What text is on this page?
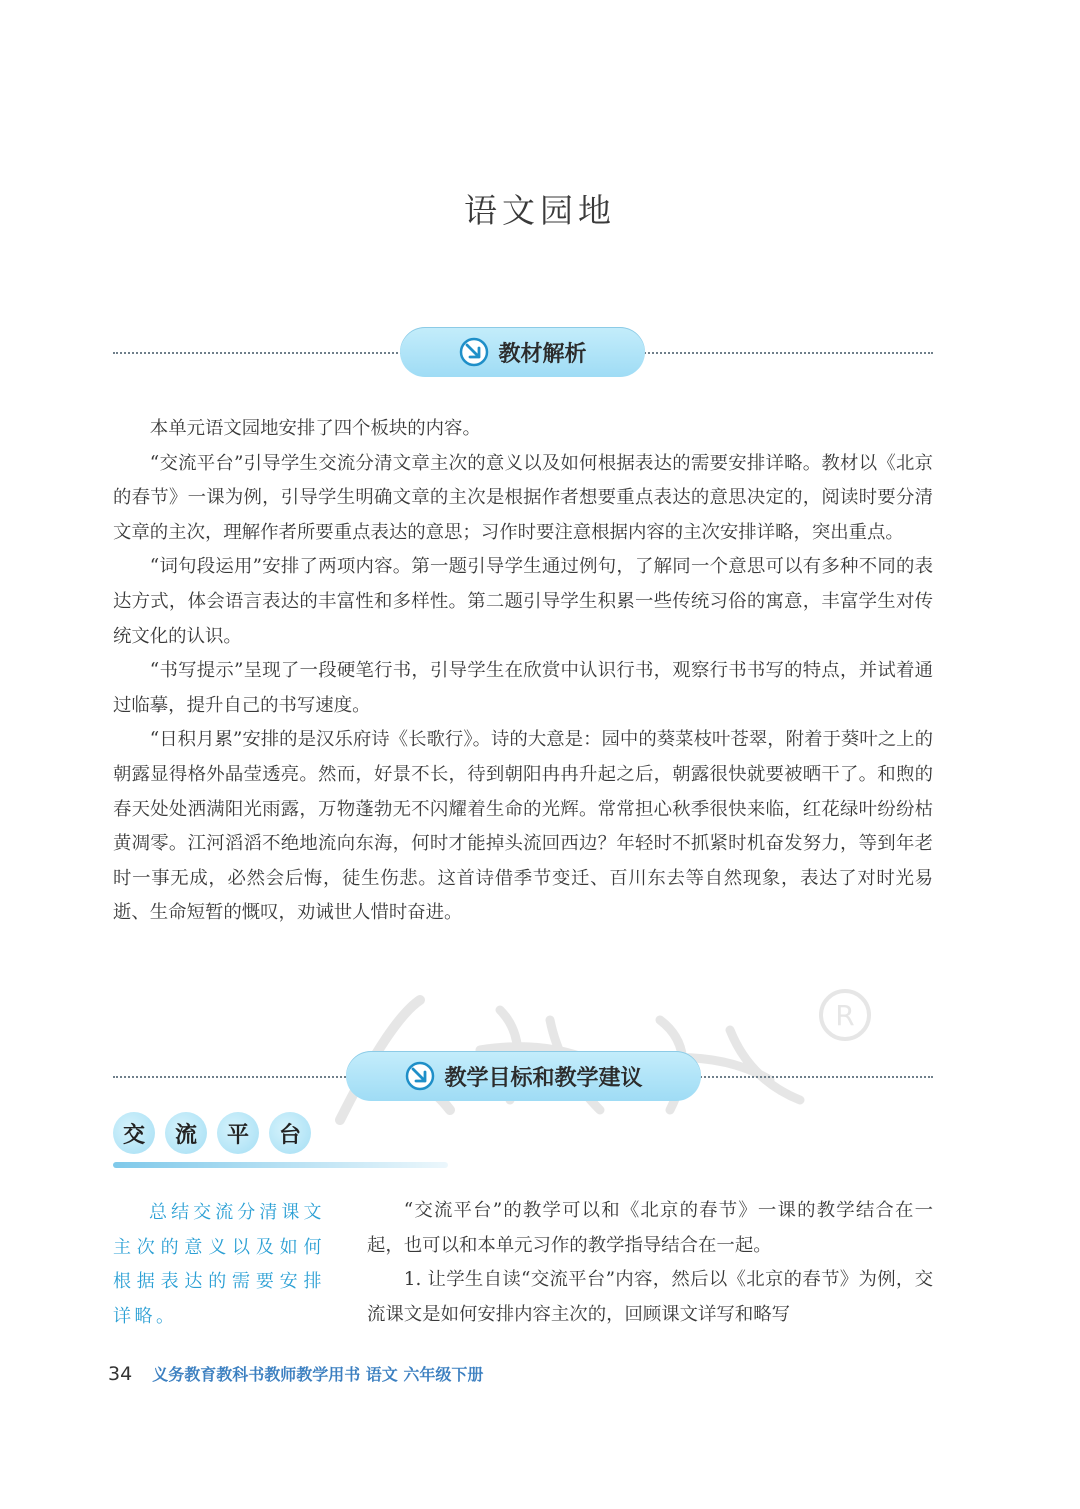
语文园地
教材解析

本单元语文园地安排了四个板块的内容。

“交流平台”引导学生交流分清文章主次的意义以及如何根据表达的需要安排详略。教材以《北京的春节》一课为例，引导学生明确文章的主次是根据作者想要重点表达的意思决定的，阅读时要分清文章的主次，理解作者所要重点表达的意思；习作时要注意根据内容的主次安排详略，突出重点。

“词句段运用”安排了两项内容。第一题引导学生通过例句，了解同一个意思可以有多种不同的表达方式，体会语言表达的丰富性和多样性。第二题引导学生积累一些传统习俗的寓意，丰富学生对传统文化的认识。

“书写提示”呈现了一段硬笔行书，引导学生在欣赏中认识行书，观察行书书写的特点，并试着通过临摹，提升自己的书写速度。

“日积月累”安排的是汉乐府诗《长歌行》。诗的大意是：园中的葵菜枝叶苍翠，附着于葵叶之上的朝露显得格外晶莹透亮。然而，好景不长，待到朝阳冉冉升起之后，朝露很快就要被晒干了。和煦的春天处处洒满阳光雨露，万物蓬勃无不闪耀着生命的光辉。常常担心秋季很快来临，红花绿叶纷纷枯黄凋零。江河滔滔不绝地流向东海，何时才能掉头流回西边？年轻时不抓紧时机奋发努力，等到年老时一事无成，必然会后悔，徒生伤悲。这首诗借季节变迁、百川东去等自然现象，表达了对时光易逝、生命短暂的慨叹，劝诫世人惜时奋进。

R
教学目标和教学建议
交	流	平	台

总结交流分清课文主次的意义以及如何根据表达的需要安排详略。

“交流平台”的教学可以和《北京的春节》一课的教学结合在一起，也可以和本单元习作的教学指导结合在一起。

1. 让学生自读“交流平台”内容，然后以《北京的春节》为例，交流课文是如何安排内容主次的，回顾课文详写和略写

34 义务教育教科书教师教学用书 语文 六年级下册
